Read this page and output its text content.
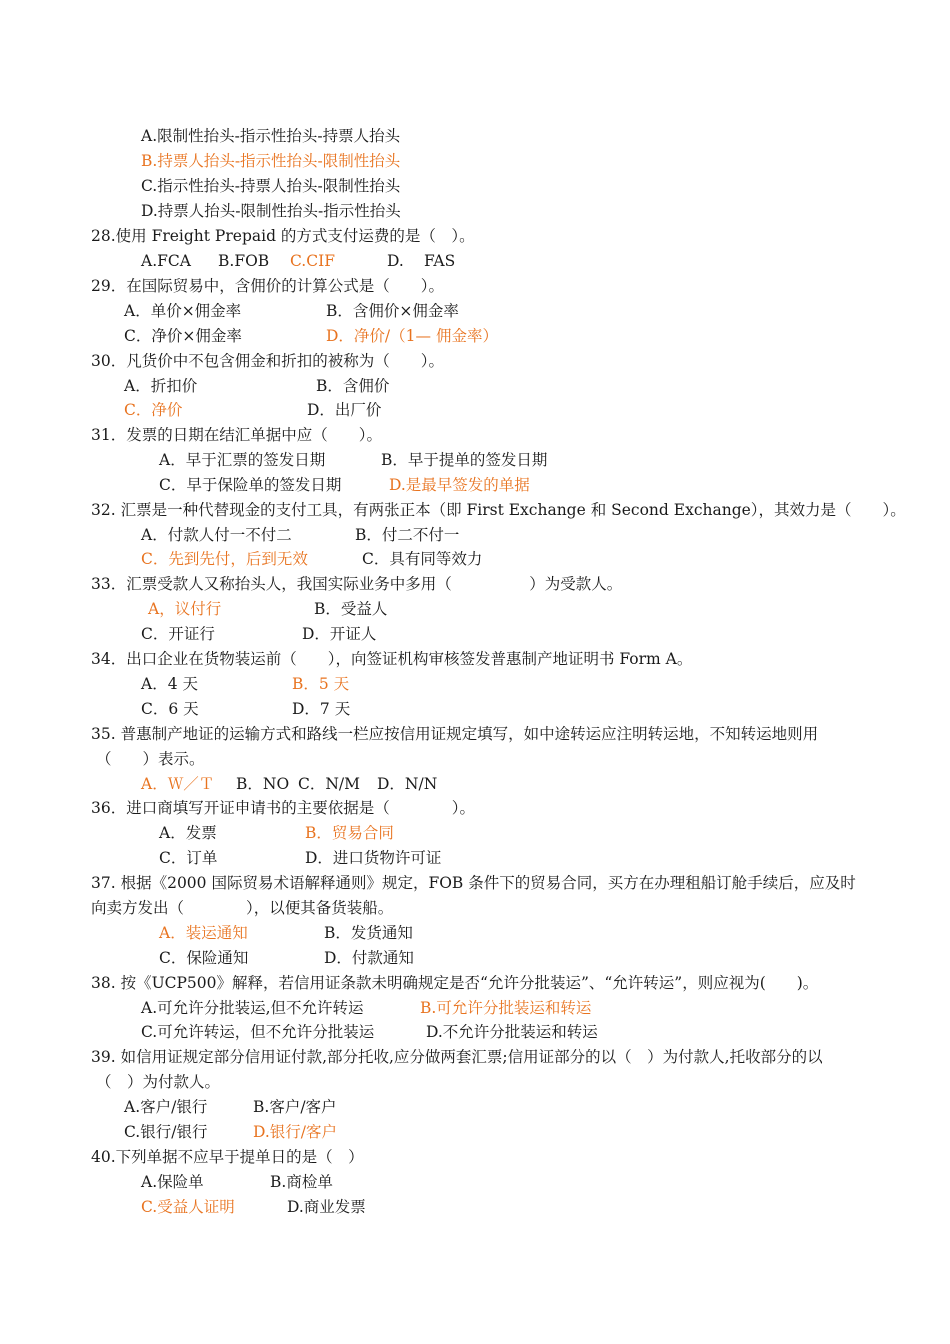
A.限制性抬头-指示性抬头-持票人抬头
B.持票人抬头-指示性抬头-限制性抬头
C.指示性抬头-持票人抬头-限制性抬头
D.持票人抬头-限制性抬头-指示性抬头
28.使用 Freight Prepaid 的方式支付运费的是（　）。
A.FCA B.FOB C.CIF	D. FAS
29．在国际贸易中，含佣价的计算公式是（　　）。
A．单价×佣金率	B．含佣价×佣金率
C．净价×佣金率	D．净价/（1— 佣金率）
30．凡货价中不包含佣金和折扣的被称为（　　）。
A．折扣价	B．含佣价
C．净价	D．出厂价
31．发票的日期在结汇单据中应（　　）。
A．早于汇票的签发日期	B．早于提单的签发日期
C．早于保险单的签发日期	D.是最早签发的单据
32. 汇票是一种代替现金的支付工具，有两张正本（即 First Exchange 和 Second Exchange），其效力是（　　）。
A．付款人付一不付二	B．付二不付一
C．先到先付，后到无效	C．具有同等效力
33．汇票受款人又称抬头人，我国实际业务中多用（　　　　　）为受款人。
A，议付行	B．受益人
C．开证行	D．开证人
34．出口企业在货物装运前（　　），向签证机构审核签发普惠制产地证明书 Form A。
A．4 天	B．5 天
C．6 天	D．7 天
35. 普惠制产地证的运输方式和路线一栏应按信用证规定填写，如中途转运应注明转运地，不知转运地则用
（　　）表示。
A．Ｗ／Ｔ B．NO C．N/M D．N/N
36．进口商填写开证申请书的主要依据是（　　　　）。
A．发票	B．贸易合同
C．订单	D．进口货物许可证
37. 根据《2000 国际贸易术语解释通则》规定，FOB 条件下的贸易合同，买方在办理租船订舱手续后，应及时
向卖方发出（　　　　），以便其备货装船。
A．装运通知	B．发货通知
C．保险通知	D．付款通知
38. 按《UCP500》解释，若信用证条款未明确规定是否“允许分批装运”、“允许转运”，则应视为(　　)。
A.可允许分批装运,但不允许转运	B.可允许分批装运和转运
C.可允许转运，但不允许分批装运	D.不允许分批装运和转运
39. 如信用证规定部分信用证付款,部分托收,应分做两套汇票;信用证部分的以（　）为付款人,托收部分的以
（　）为付款人。
A.客户/银行	B.客户/客户
C.银行/银行	D.银行/客户
40.下列单据不应早于提单日的是（　）
A.保险单	B.商检单
C.受益人证明	D.商业发票
